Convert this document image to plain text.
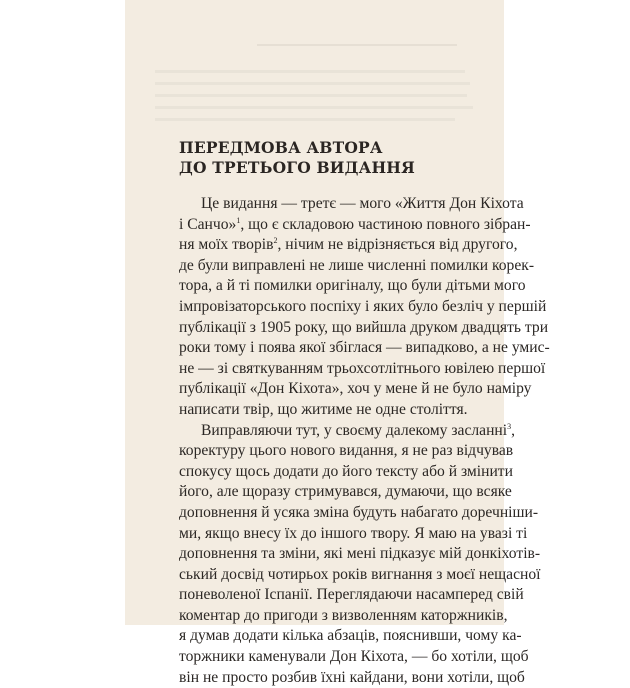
ПЕРЕДМОВА АВТОРА
ДО ТРЕТЬОГО ВИДАННЯ
Це видання — третє — мого «Життя Дон Кіхота
і Санчо»$^1$, що є складовою частиною повного зібран-
ня моїх творів$^2$, нічим не відрізняється від другого,
де були виправлені не лише численні помилки корек-
тора, а й ті помилки оригіналу, що були дітьми мого
імпровізаторського поспіху і яких було безліч у першій
публікації з 1905 року, що вийшла друком двадцять три
роки тому і поява якої збіглася — випадково, а не умис-
не — зі святкуванням трьохсотлітнього ювілею першої
публікації «Дон Кіхота», хоч у мене й не було наміру
написати твір, що житиме не одне століття.
Виправляючи тут, у своєму далекому засланні$^3$,
коректуру цього нового видання, я не раз відчував
спокусу щось додати до його тексту або й змінити
його, але щоразу стримувався, думаючи, що всяке
доповнення й усяка зміна будуть набагато доречніши-
ми, якщо внесу їх до іншого твору. Я маю на увазі ті
доповнення та зміни, які мені підказує мій донкіхотів-
ський досвід чотирьох років вигнання з моєї нещасної
поневоленої Іспанії. Переглядаючи насамперед свій
коментар до пригоди з визволенням каторжників,
я думав додати кілька абзаців, пояснивши, чому ка-
торжники каменували Дон Кіхота, — бо хотіли, щоб
він не просто розбив їхні кайдани, вони хотіли, щоб
